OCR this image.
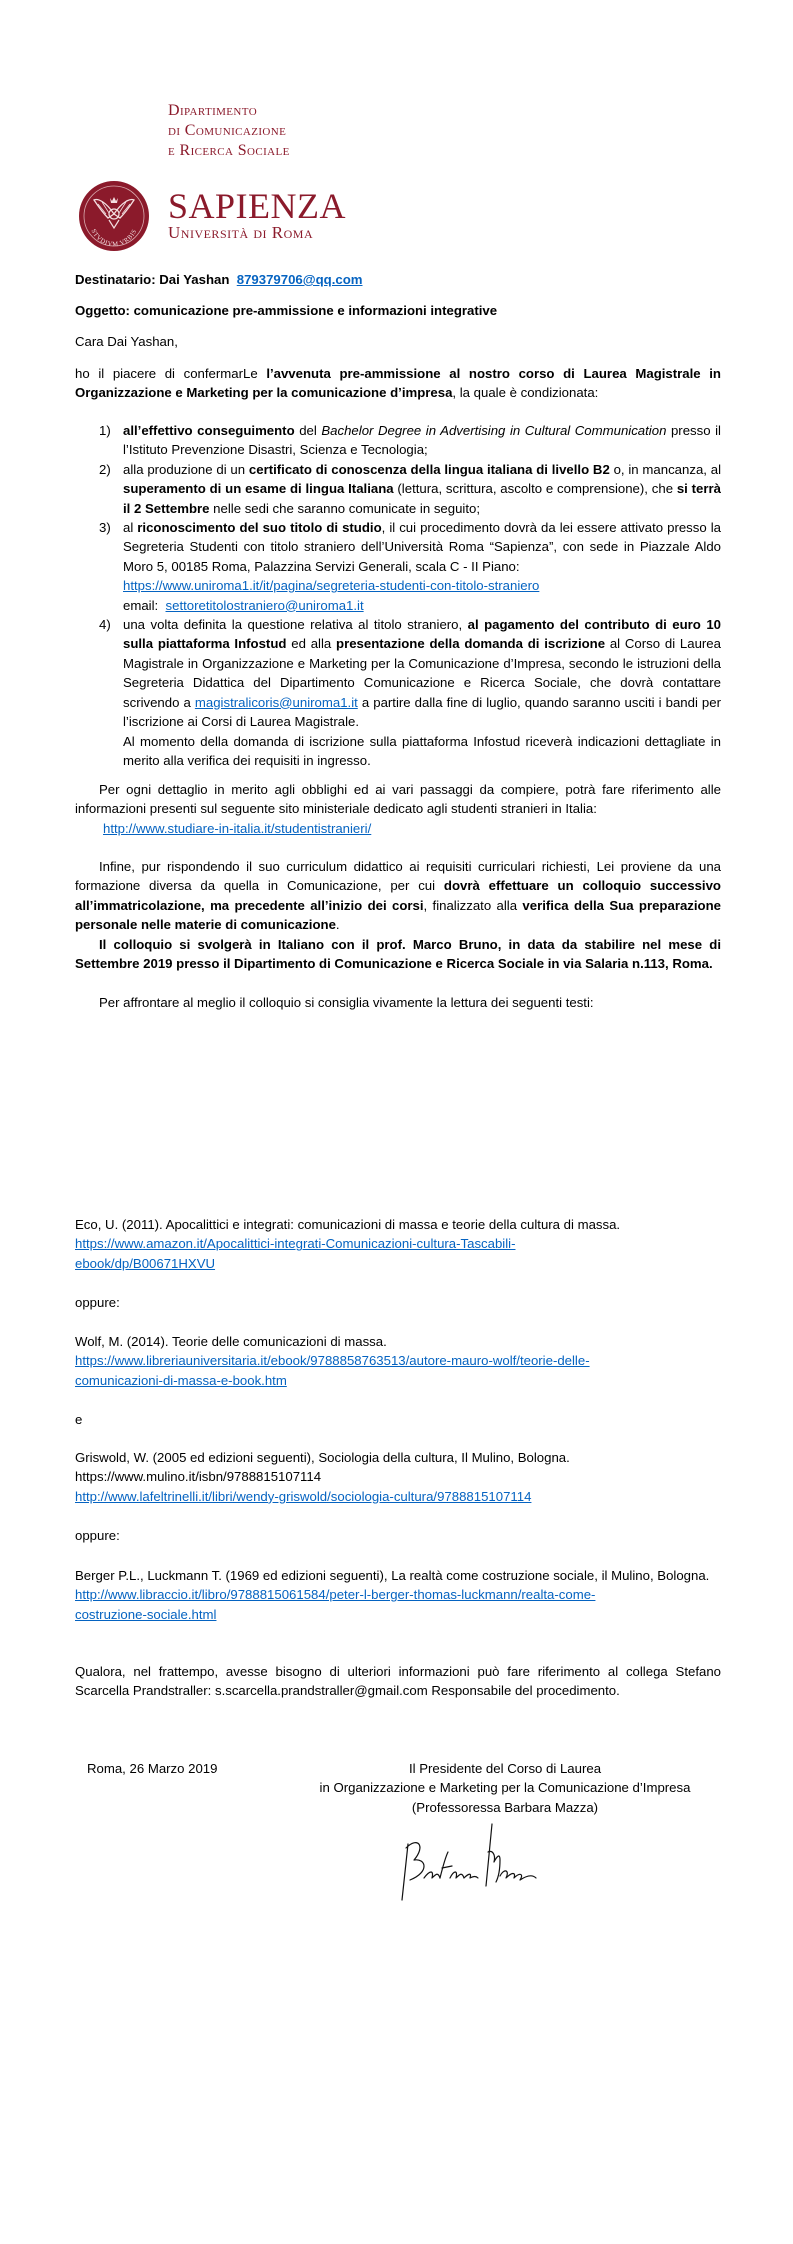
Dipartimento
di Comunicazione
e Ricerca Sociale
STVDIVM VRBIS
SAPIENZA
Università di Roma
Destinatario: Dai Yashan 879379706@qq.com
Oggetto: comunicazione pre-ammissione e informazioni integrative
Cara Dai Yashan,
ho il piacere di confermarLe l’avvenuta pre-ammissione al nostro corso di Laurea Magistrale in Organizzazione e Marketing per la comunicazione d’impresa, la quale è condizionata:
1) all’effettivo conseguimento del Bachelor Degree in Advertising in Cultural Communication presso il l’Istituto Prevenzione Disastri, Scienza e Tecnologia;
2) alla produzione di un certificato di conoscenza della lingua italiana di livello B2 o, in mancanza, al superamento di un esame di lingua Italiana (lettura, scrittura, ascolto e comprensione), che si terrà il 2 Settembre nelle sedi che saranno comunicate in seguito;
3) al riconoscimento del suo titolo di studio, il cui procedimento dovrà da lei essere attivato presso la Segreteria Studenti con titolo straniero dell’Università Roma “Sapienza”, con sede in Piazzale Aldo Moro 5, 00185 Roma, Palazzina Servizi Generali, scala C - II Piano:
https://www.uniroma1.it/it/pagina/segreteria-studenti-con-titolo-straniero
email:  settoretitolostraniero@uniroma1.it
4) una volta definita la questione relativa al titolo straniero, al pagamento del contributo di euro 10 sulla piattaforma Infostud ed alla presentazione della domanda di iscrizione al Corso di Laurea Magistrale in Organizzazione e Marketing per la Comunicazione d’Impresa, secondo le istruzioni della Segreteria Didattica del Dipartimento Comunicazione e Ricerca Sociale, che dovrà contattare scrivendo a magistralicoris@uniroma1.it a partire dalla fine di luglio, quando saranno usciti i bandi per l’iscrizione ai Corsi di Laurea Magistrale.
Al momento della domanda di iscrizione sulla piattaforma Infostud riceverà indicazioni dettagliate in merito alla verifica dei requisiti in ingresso.
Per ogni dettaglio in merito agli obblighi ed ai vari passaggi da compiere, potrà fare riferimento alle informazioni presenti sul seguente sito ministeriale dedicato agli studenti stranieri in Italia:
http://www.studiare-in-italia.it/studentistranieri/
Infine, pur rispondendo il suo curriculum didattico ai requisiti curriculari richiesti, Lei proviene da una formazione diversa da quella in Comunicazione, per cui dovrà effettuare un colloquio successivo all’immatricolazione, ma precedente all’inizio dei corsi, finalizzato alla verifica della Sua preparazione personale nelle materie di comunicazione.
Il colloquio si svolgerà in Italiano con il prof. Marco Bruno, in data da stabilire nel mese di Settembre 2019 presso il Dipartimento di Comunicazione e Ricerca Sociale in via Salaria n.113, Roma.
Per affrontare al meglio il colloquio si consiglia vivamente la lettura dei seguenti testi:
Eco, U. (2011). Apocalittici e integrati: comunicazioni di massa e teorie della cultura di massa.
https://www.amazon.it/Apocalittici-integrati-Comunicazioni-cultura-Tascabili-
ebook/dp/B00671HXVU
oppure:
Wolf, M. (2014). Teorie delle comunicazioni di massa.
https://www.libreriauniversitaria.it/ebook/9788858763513/autore-mauro-wolf/teorie-delle-
comunicazioni-di-massa-e-book.htm
e
Griswold, W. (2005 ed edizioni seguenti), Sociologia della cultura, Il Mulino, Bologna.
https://www.mulino.it/isbn/9788815107114
http://www.lafeltrinelli.it/libri/wendy-griswold/sociologia-cultura/9788815107114
oppure:
Berger P.L., Luckmann T. (1969 ed edizioni seguenti), La realtà come costruzione sociale, il Mulino, Bologna.
http://www.libraccio.it/libro/9788815061584/peter-l-berger-thomas-luckmann/realta-come-
costruzione-sociale.html
Qualora, nel frattempo, avesse bisogno di ulteriori informazioni può fare riferimento al collega Stefano Scarcella Prandstraller: s.scarcella.prandstraller@gmail.com Responsabile del procedimento.
Roma, 26 Marzo 2019	Il Presidente del Corso di Laurea
in Organizzazione e Marketing per la Comunicazione d’Impresa
(Professoressa Barbara Mazza)
